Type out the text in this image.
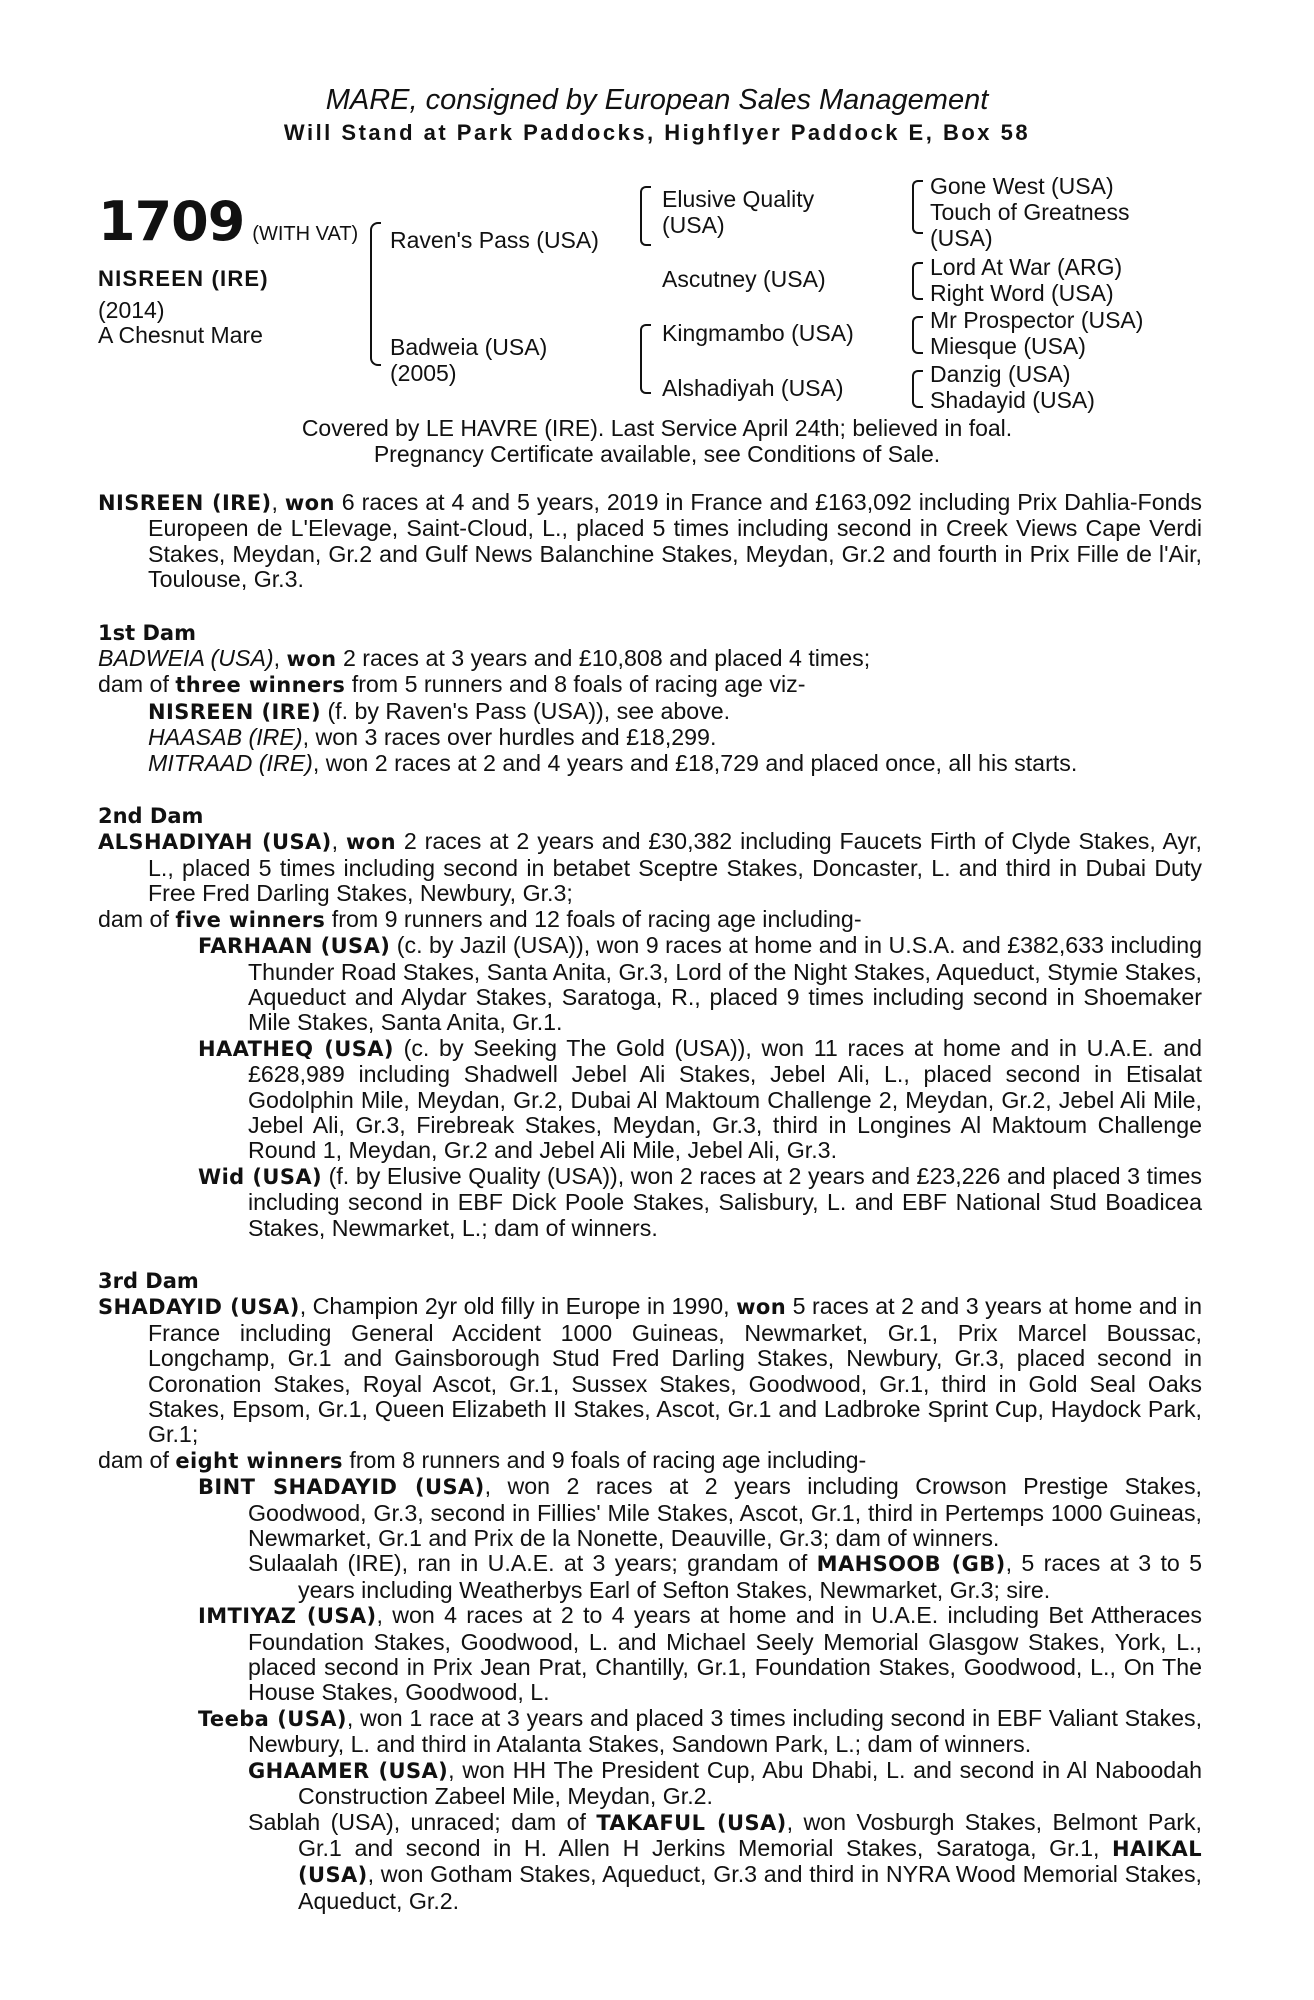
MARE, consigned by European Sales Management
Will Stand at Park Paddocks, Highflyer Paddock E, Box 58
1709 (WITH VAT)
NISREEN (IRE)
(2014)
A Chesnut Mare
Raven's Pass (USA)
Badweia (USA)
(2005)
Elusive Quality
(USA)
Ascutney (USA)
Kingmambo (USA)
Alshadiyah (USA)
Gone West (USA)
Touch of Greatness
(USA)
Lord At War (ARG)
Right Word (USA)
Mr Prospector (USA)
Miesque (USA)
Danzig (USA)
Shadayid (USA)
Covered by LE HAVRE (IRE). Last Service April 24th; believed in foal.
Pregnancy Certificate available, see Conditions of Sale.

NISREEN (IRE), won 6 races at 4 and 5 years, 2019 in France and £163,092 including Prix Dahlia-Fonds Europeen de L'Elevage, Saint-Cloud, L., placed 5 times including second in Creek Views Cape Verdi Stakes, Meydan, Gr.2 and Gulf News Balanchine Stakes, Meydan, Gr.2 and fourth in Prix Fille de l'Air, Toulouse, Gr.3.

1st Dam

BADWEIA (USA), won 2 races at 3 years and £10,808 and placed 4 times;

dam of three winners from 5 runners and 8 foals of racing age viz-

NISREEN (IRE) (f. by Raven's Pass (USA)), see above.

HAASAB (IRE), won 3 races over hurdles and £18,299.

MITRAAD (IRE), won 2 races at 2 and 4 years and £18,729 and placed once, all his starts.

2nd Dam

ALSHADIYAH (USA), won 2 races at 2 years and £30,382 including Faucets Firth of Clyde Stakes, Ayr, L., placed 5 times including second in betabet Sceptre Stakes, Doncaster, L. and third in Dubai Duty Free Fred Darling Stakes, Newbury, Gr.3;

dam of five winners from 9 runners and 12 foals of racing age including-

FARHAAN (USA) (c. by Jazil (USA)), won 9 races at home and in U.S.A. and £382,633 including Thunder Road Stakes, Santa Anita, Gr.3, Lord of the Night Stakes, Aqueduct, Stymie Stakes, Aqueduct and Alydar Stakes, Saratoga, R., placed 9 times including second in Shoemaker Mile Stakes, Santa Anita, Gr.1.

HAATHEQ (USA) (c. by Seeking The Gold (USA)), won 11 races at home and in U.A.E. and £628,989 including Shadwell Jebel Ali Stakes, Jebel Ali, L., placed second in Etisalat Godolphin Mile, Meydan, Gr.2, Dubai Al Maktoum Challenge 2, Meydan, Gr.2, Jebel Ali Mile, Jebel Ali, Gr.3, Firebreak Stakes, Meydan, Gr.3, third in Longines Al Maktoum Challenge Round 1, Meydan, Gr.2 and Jebel Ali Mile, Jebel Ali, Gr.3.

Wid (USA) (f. by Elusive Quality (USA)), won 2 races at 2 years and £23,226 and placed 3 times including second in EBF Dick Poole Stakes, Salisbury, L. and EBF National Stud Boadicea Stakes, Newmarket, L.; dam of winners.

3rd Dam

SHADAYID (USA), Champion 2yr old filly in Europe in 1990, won 5 races at 2 and 3 years at home and in France including General Accident 1000 Guineas, Newmarket, Gr.1, Prix Marcel Boussac, Longchamp, Gr.1 and Gainsborough Stud Fred Darling Stakes, Newbury, Gr.3, placed second in Coronation Stakes, Royal Ascot, Gr.1, Sussex Stakes, Goodwood, Gr.1, third in Gold Seal Oaks Stakes, Epsom, Gr.1, Queen Elizabeth II Stakes, Ascot, Gr.1 and Ladbroke Sprint Cup, Haydock Park, Gr.1;

dam of eight winners from 8 runners and 9 foals of racing age including-

BINT SHADAYID (USA), won 2 races at 2 years including Crowson Prestige Stakes, Goodwood, Gr.3, second in Fillies' Mile Stakes, Ascot, Gr.1, third in Pertemps 1000 Guineas, Newmarket, Gr.1 and Prix de la Nonette, Deauville, Gr.3; dam of winners.

Sulaalah (IRE), ran in U.A.E. at 3 years; grandam of MAHSOOB (GB), 5 races at 3 to 5 years including Weatherbys Earl of Sefton Stakes, Newmarket, Gr.3; sire.

IMTIYAZ (USA), won 4 races at 2 to 4 years at home and in U.A.E. including Bet Attheraces Foundation Stakes, Goodwood, L. and Michael Seely Memorial Glasgow Stakes, York, L., placed second in Prix Jean Prat, Chantilly, Gr.1, Foundation Stakes, Goodwood, L., On The House Stakes, Goodwood, L.

Teeba (USA), won 1 race at 3 years and placed 3 times including second in EBF Valiant Stakes, Newbury, L. and third in Atalanta Stakes, Sandown Park, L.; dam of winners.

GHAAMER (USA), won HH The President Cup, Abu Dhabi, L. and second in Al Naboodah Construction Zabeel Mile, Meydan, Gr.2.

Sablah (USA), unraced; dam of TAKAFUL (USA), won Vosburgh Stakes, Belmont Park, Gr.1 and second in H. Allen H Jerkins Memorial Stakes, Saratoga, Gr.1, HAIKAL (USA), won Gotham Stakes, Aqueduct, Gr.3 and third in NYRA Wood Memorial Stakes, Aqueduct, Gr.2.
